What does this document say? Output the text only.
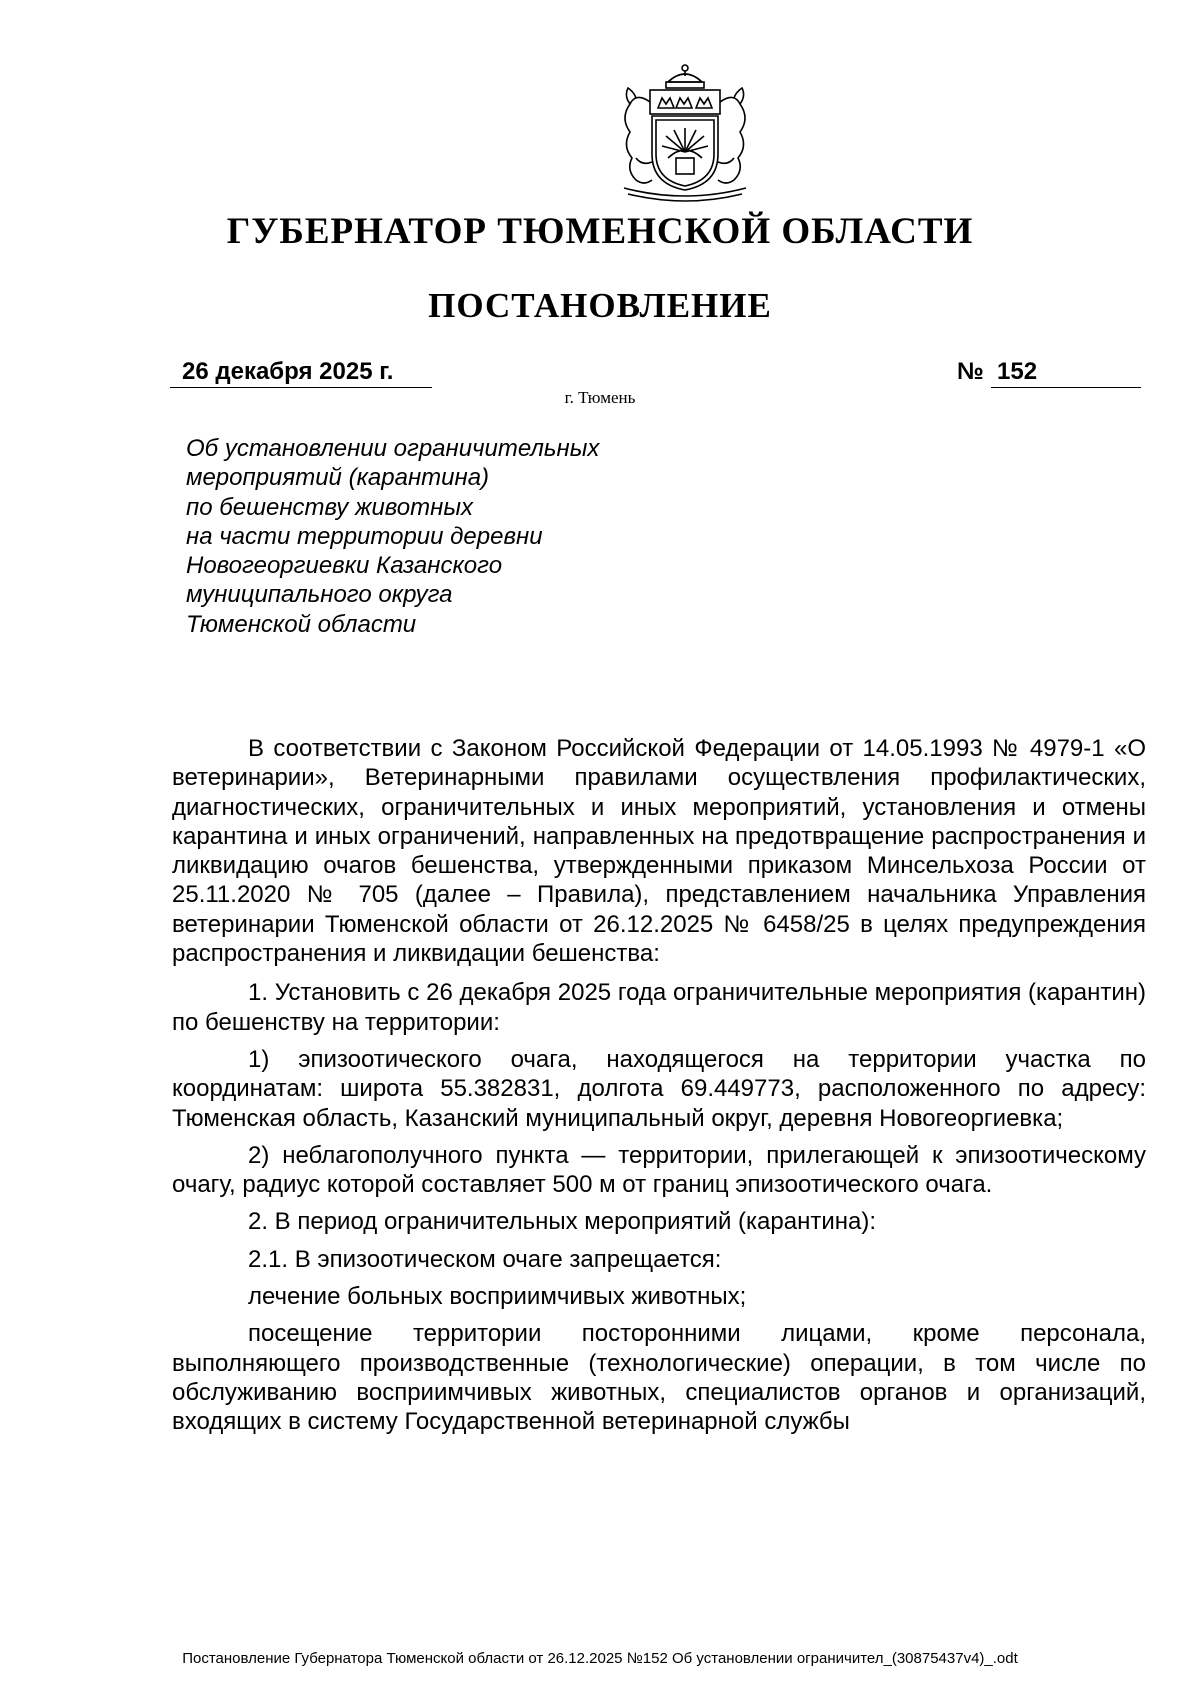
ГУБЕРНАТОР ТЮМЕНСКОЙ ОБЛАСТИ
ПОСТАНОВЛЕНИЕ
26 декабря 2025 г.	№ 152
г. Тюмень
Об установлении ограничительных
мероприятий (карантина)
по бешенству животных
на части территории деревни
Новогеоргиевки Казанского
муниципального округа
Тюменской области

В соответствии с Законом Российской Федерации от 14.05.1993 № 4979-1 «О ветеринарии», Ветеринарными правилами осуществления профилактических, диагностических, ограничительных и иных мероприятий, установления и отмены карантина и иных ограничений, направленных на предотвращение распространения и ликвидацию очагов бешенства, утвержденными приказом Минсельхоза России от 25.11.2020 № 705 (далее – Правила), представлением начальника Управления ветеринарии Тюменской области от 26.12.2025 № 6458/25 в целях предупреждения распространения и ликвидации бешенства:

1. Установить с 26 декабря 2025 года ограничительные мероприятия (карантин) по бешенству на территории:

1) эпизоотического очага, находящегося на территории участка по координатам: широта 55.382831, долгота 69.449773, расположенного по адресу: Тюменская область, Казанский муниципальный округ, деревня Новогеоргиевка;

2) неблагополучного пункта — территории, прилегающей к эпизоотическому очагу, радиус которой составляет 500 м от границ эпизоотического очага.

2. В период ограничительных мероприятий (карантина):

2.1. В эпизоотическом очаге запрещается:

лечение больных восприимчивых животных;

посещение территории посторонними лицами, кроме персонала, выполняющего производственные (технологические) операции, в том числе по обслуживанию восприимчивых животных, специалистов органов и организаций, входящих в систему Государственной ветеринарной службы

Постановление Губернатора Тюменской области от 26.12.2025 №152 Об установлении ограничител_(30875437v4)_.odt
